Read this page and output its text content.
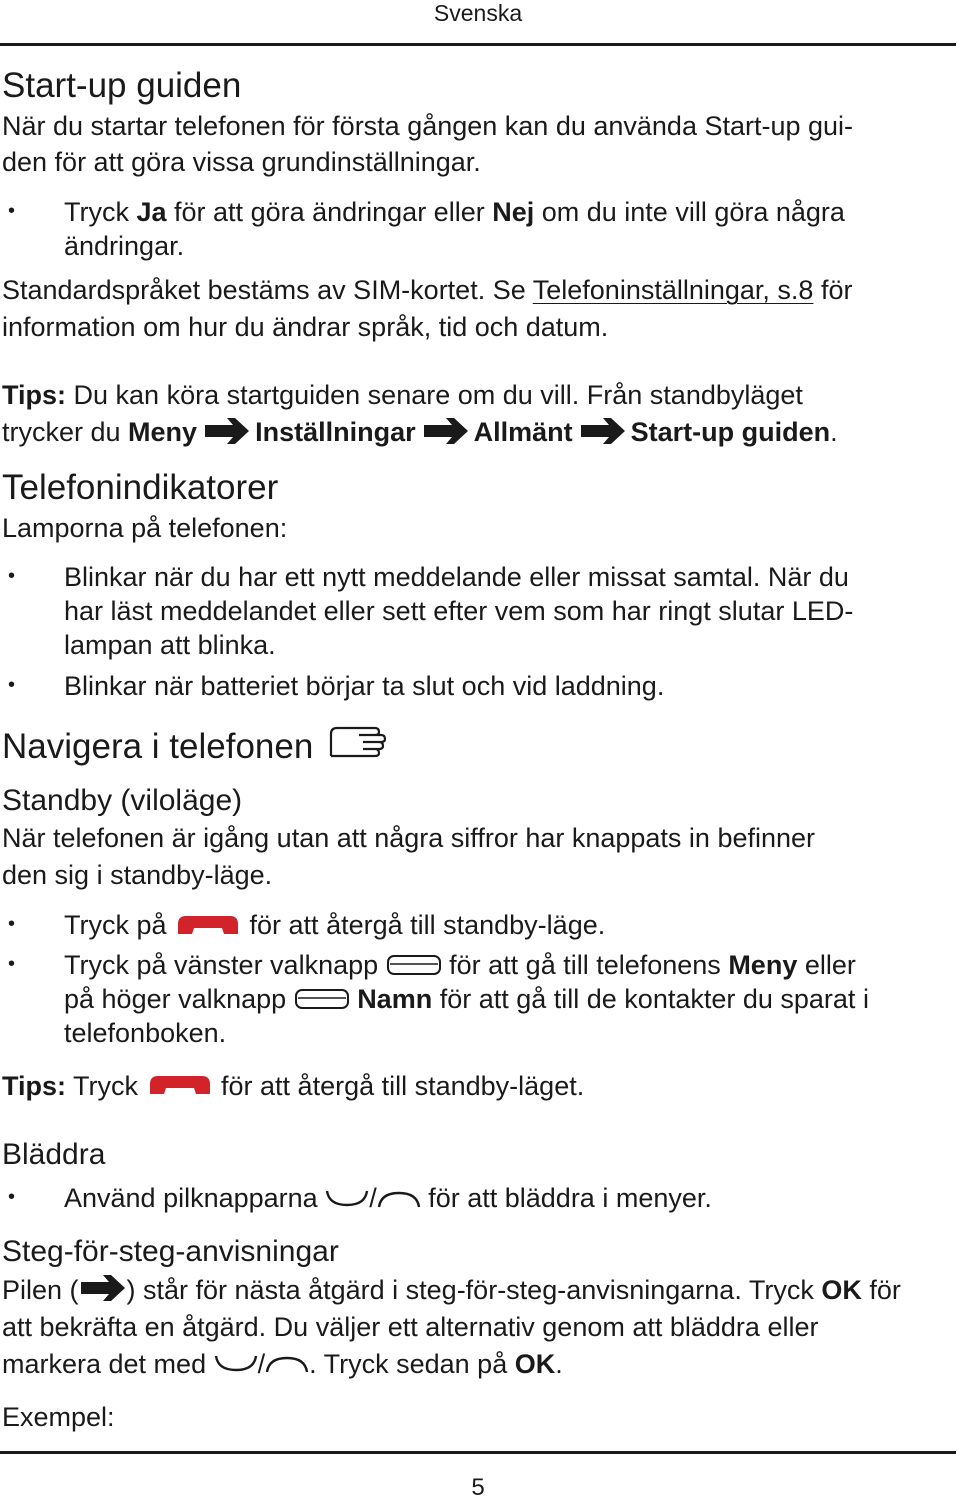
Svenska
Start-up guiden
När du startar telefonen för första gången kan du använda Start-up gui-
den för att göra vissa grundinställningar.
• Tryck Ja för att göra ändringar eller Nej om du inte vill göra några
ändringar.
Standardspråket bestäms av SIM-kortet. Se Telefoninställningar, s.8 för
information om hur du ändrar språk, tid och datum.
Tips: Du kan köra startguiden senare om du vill. Från standbyläget
trycker du Meny Inställningar Allmänt Start-up guiden.
Telefonindikatorer
Lamporna på telefonen:
• Blinkar när du har ett nytt meddelande eller missat samtal. När du
har läst meddelandet eller sett efter vem som har ringt slutar LED-
lampan att blinka.
• Blinkar när batteriet börjar ta slut och vid laddning.
Navigera i telefonen
Standby (viloläge)
När telefonen är igång utan att några siffror har knappats in befinner
den sig i standby-läge.
• Tryck på	för att återgå till standby-läge.
• Tryck på vänster valknapp  för att gå till telefonens Meny eller
på höger valknapp  Namn för att gå till de kontakter du sparat i
telefonboken.
Tips: Tryck	för att återgå till standby-läget.
Bläddra
• Använd pilknapparna / för att bläddra i menyer.
Steg-för-steg-anvisningar
Pilen ( ) står för nästa åtgärd i steg-för-steg-anvisningarna. Tryck OK för
att bekräfta en åtgärd. Du väljer ett alternativ genom att bläddra eller
markera det med / . Tryck sedan på OK.
Exempel:
5
